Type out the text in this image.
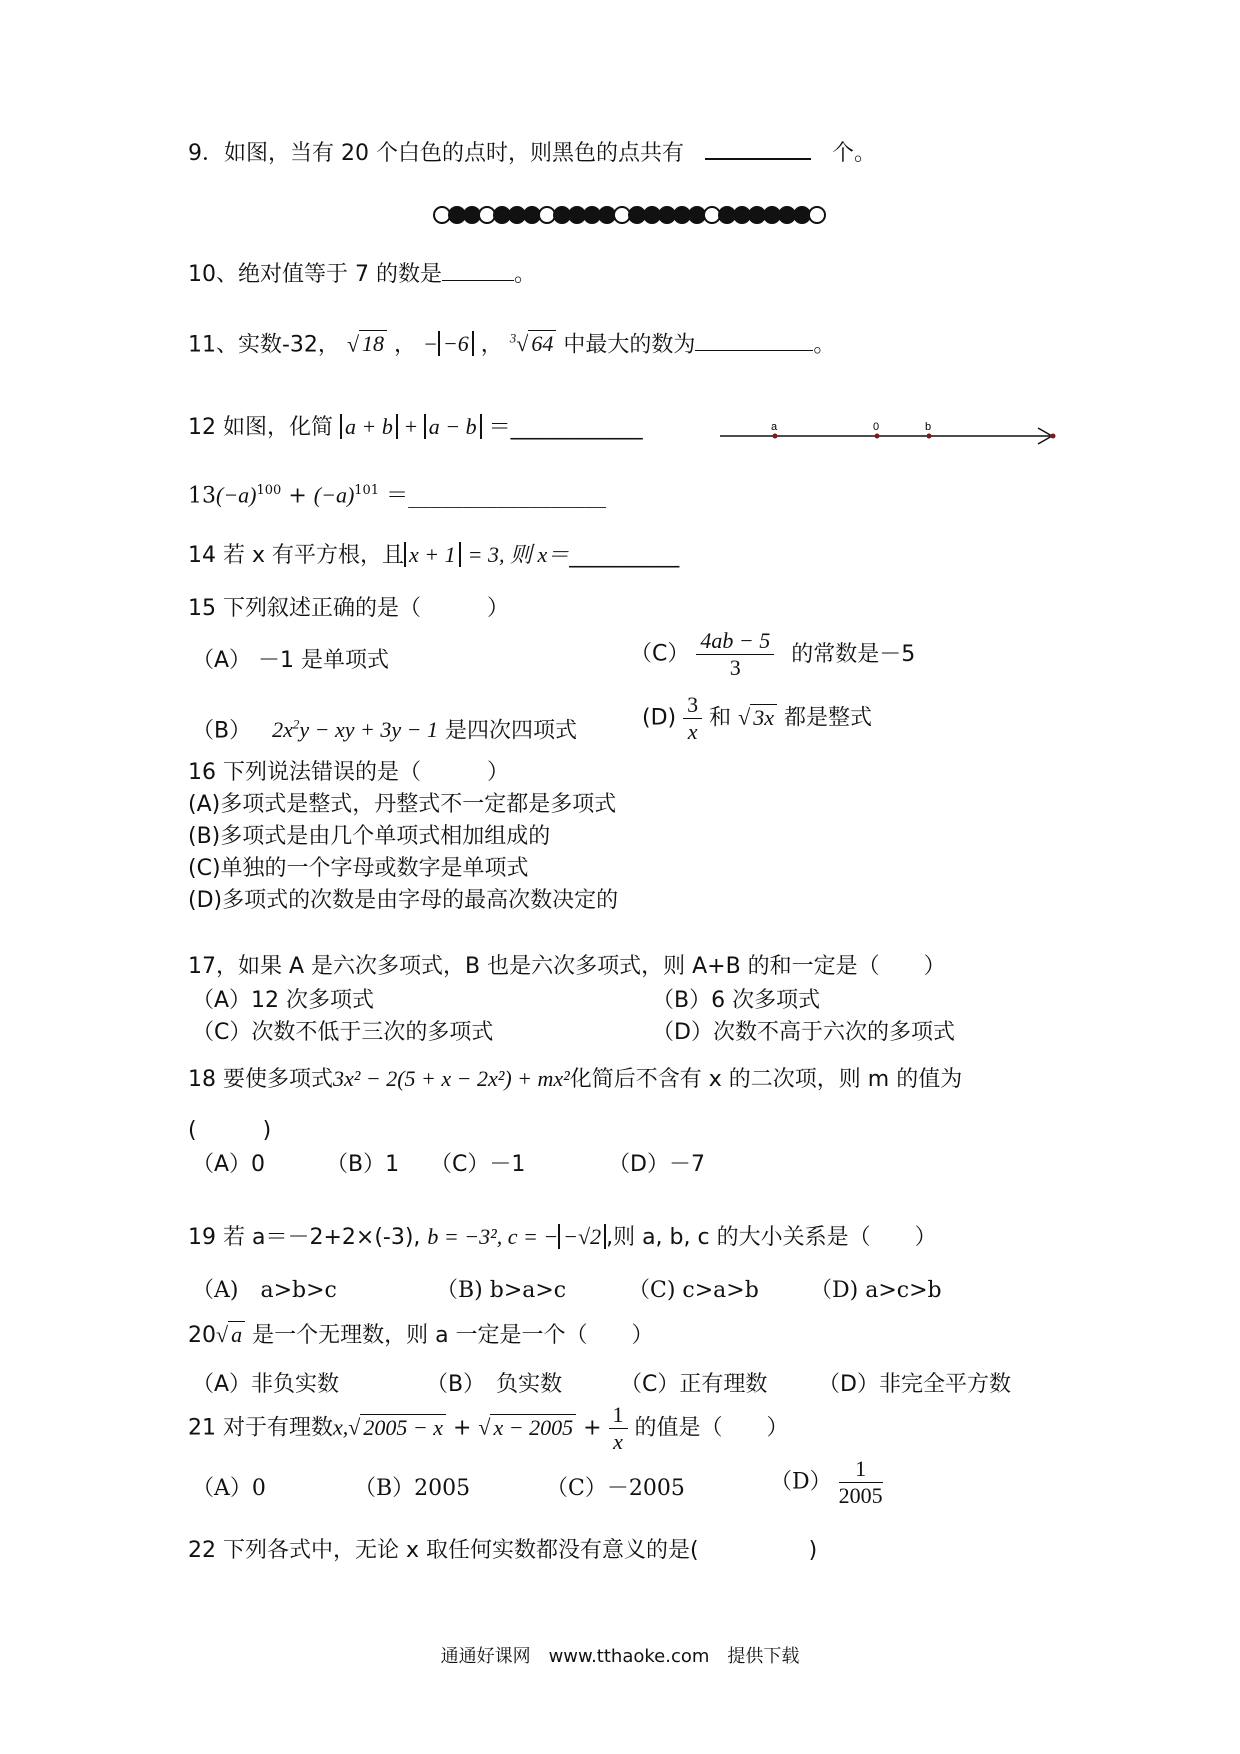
9．如图，当有 20 个白色的点时，则黑色的点共有	个。
10、绝对值等于 7 的数是	。
11、实数-32， √ 18 ， − −6 ， $^3$√ 64 中最大的数为	。
12 如图，化简 a + b + a − b ＝____________	a	0	b
$13(-a)^{100} + (-a)^{101}$ ＝__________________
14 若 x 有平方根，且 x + 1 = 3, 则 x＝__________
15 下列叙述正确的是（　　　）
（A） －1 是单项式	$(C) \frac{4ab - 5}{3}$ 的常数是－5
（B） $2x^2y$ − xy + 3y − 1 是四次四项式
$(D) \frac{3}{x}$ 和 √ 3x 都是整式
16 下列说法错误的是（　　　）
(A)多项式是整式，丹整式不一定都是多项式
(B)多项式是由几个单项式相加组成的
(C)单独的一个字母或数字是单项式
(D)多项式的次数是由字母的最高次数决定的
17，如果 A 是六次多项式，B 也是六次多项式，则 A+B 的和一定是（　　）
（A）12 次多项式	（B）6 次多项式
（C）次数不低于三次的多项式	（D）次数不高于六次的多项式
18 要使多项式3x² − 2(5 + x − 2x²) + mx²化简后不含有 x 的二次项，则 m 的值为
(　　　)
（A）0	（B）1 （C）－1	（D）－7
19 若 a＝－2+2×(-3), b = −3², c = − −√2 ,则 a, b, c 的大小关系是（　　）
（A)　a>b>c	（B) b>a>c	（C) c>a>b （D) a>c>b
20√ a 是一个无理数，则 a 一定是一个（　　）
（A）非负实数	（B）　负实数	（C）正有理数 （D）非完全平方数
21 对于有理数x,√ 2005 − x + √ $x - 2005 + \frac{1}{x}$ 的值是（　　）
（A）0	（B）2005	（C）－2005	$(D) \frac{1}{2005}$
22 下列各式中，无论 x 取任何实数都没有意义的是(　　　　　)
通通好课网　www.tthaoke.com　提供下载
